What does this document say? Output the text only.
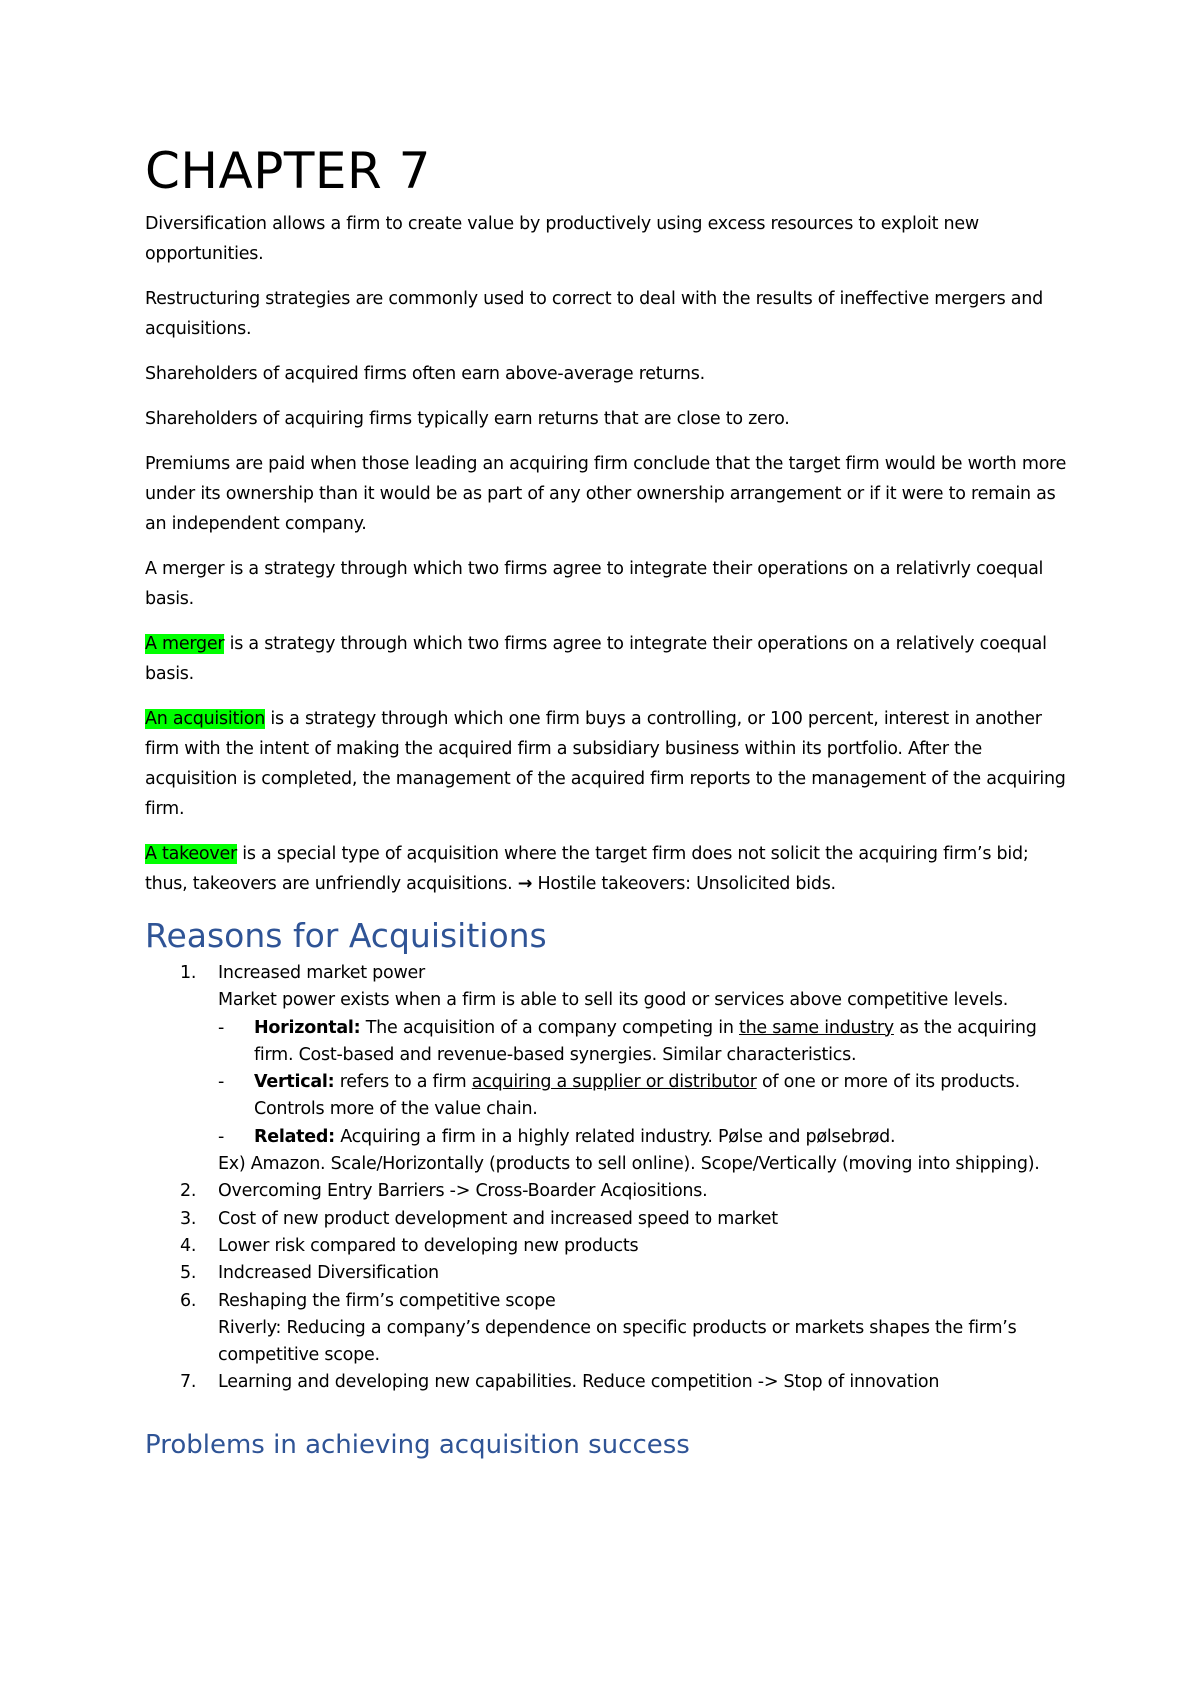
CHAPTER 7

Diversification allows a firm to create value by productively using excess resources to exploit new opportunities.

Restructuring strategies are commonly used to correct to deal with the results of ineffective mergers and acquisitions.

Shareholders of acquired firms often earn above-average returns.

Shareholders of acquiring firms typically earn returns that are close to zero.

Premiums are paid when those leading an acquiring firm conclude that the target firm would be worth more under its ownership than it would be as part of any other ownership arrangement or if it were to remain as an independent company.

A merger is a strategy through which two firms agree to integrate their operations on a relativrly coequal basis.

A merger is a strategy through which two firms agree to integrate their operations on a relatively coequal basis.

An acquisition is a strategy through which one firm buys a controlling, or 100 percent, interest in another firm with the intent of making the acquired firm a subsidiary business within its portfolio. After the acquisition is completed, the management of the acquired firm reports to the management of the acquiring firm.

A takeover is a special type of acquisition where the target firm does not solicit the acquiring firm’s bid; thus, takeovers are unfriendly acquisitions. → Hostile takeovers: Unsolicited bids.

Reasons for Acquisitions
1. Increased market power
Market power exists when a firm is able to sell its good or services above competitive levels.
- Horizontal: The acquisition of a company competing in the same industry as the acquiring firm. Cost-based and revenue-based synergies. Similar characteristics.
- Vertical: refers to a firm acquiring a supplier or distributor of one or more of its products. Controls more of the value chain.
- Related: Acquiring a firm in a highly related industry. Pølse and pølsebrød.
Ex) Amazon. Scale/Horizontally (products to sell online). Scope/Vertically (moving into shipping).
2. Overcoming Entry Barriers -> Cross-Boarder Acqiositions.
3. Cost of new product development and increased speed to market
4. Lower risk compared to developing new products
5. Indcreased Diversification
6. Reshaping the firm’s competitive scope
Riverly: Reducing a company’s dependence on specific products or markets shapes the firm’s competitive scope.
7. Learning and developing new capabilities. Reduce competition -> Stop of innovation
Problems in achieving acquisition success
